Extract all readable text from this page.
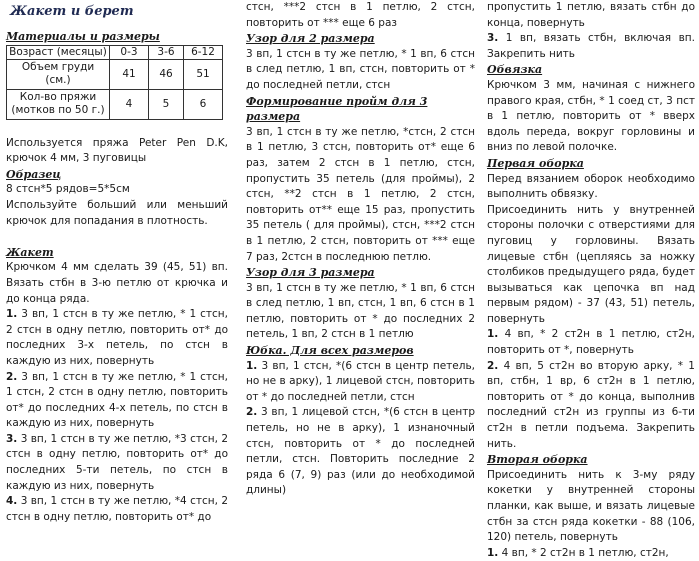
Жакет и берет

Материалы и размеры

Возраст (месяцы)	0-3	3-6	6-12
Объем груди (см.)	41	46	51
Кол-во пряжи (мотков по 50 г.)	4	5	6

Используется пряжа Peter Pen D.K, крючок 4 мм, 3 пуговицы

Образец

8 стсн*5 рядов=5*5см

Используйте больший или меньший крючок для попадания в плотность.

Жакет

Крючком 4 мм сделать 39 (45, 51) вп. Вязать стбн в 3-ю петлю от крючка и до конца ряда.

1. 3 вп, 1 стсн в ту же петлю, * 1 стсн, 2 стсн в одну петлю, повторить от* до последних 3-х петель, по стсн в каждую из них, повернуть

2. 3 вп, 1 стсн в ту же петлю, * 1 стсн, 1 стсн, 2 стсн в одну петлю, повторить от* до последних 4-х петель, по стсн в каждую из них, повернуть

3. 3 вп, 1 стсн в ту же петлю, *3 стсн, 2 стсн в одну петлю, повторить от* до последних 5-ти петель, по стсн в каждую из них, повернуть

4. 3 вп, 1 стсн в ту же петлю, *4 стсн, 2 стсн в одну петлю, повторить от* до

стсн, ***2 стсн в 1 петлю, 2 стсн, повторить от *** еще 6 раз

Узор для 2 размера

3 вп, 1 стсн в ту же петлю, * 1 вп, 6 стсн в след петлю, 1 вп, стсн, повторить от * до последней петли, стсн

Формирование пройм для 3 размера

3 вп, 1 стсн в ту же петлю, *стсн, 2 стсн в 1 петлю, 3 стсн, повторить от* еще 6 раз, затем 2 стсн в 1 петлю, стсн, пропустить 35 петель (для проймы), 2 стсн, **2 стсн в 1 петлю, 2 стсн, повторить от** еще 15 раз, пропустить 35 петель ( для проймы), стсн, ***2 стсн в 1 петлю, 2 стсн, повторить от *** еще 7 раз, 2стсн в последнюю петлю.

Узор для 3 размера

3 вп, 1 стсн в ту же петлю, * 1 вп, 6 стсн в след петлю, 1 вп, стсн, 1 вп, 6 стсн в 1 петлю, повторить от * до последних 2 петель, 1 вп, 2 стсн в 1 петлю

Юбка. Для всех размеров

1. 3 вп, 1 стсн, *(6 стсн в центр петель, но не в арку), 1 лицевой стсн, повторить от * до последней петли, стсн

2. 3 вп, 1 лицевой стсн, *(6 стсн в центр петель, но не в арку), 1 изнаночный стсн, повторить от * до последней петли, стсн. Повторить последние 2 ряда 6 (7, 9) раз (или до необходимой длины)

пропустить 1 петлю, вязать стбн до конца, повернуть

3. 1 вп, вязать стбн, включая вп. Закрепить нить

Обвязка

Крючком 3 мм, начиная с нижнего правого края, стбн, * 1 соед ст, 3 пст в 1 петлю, повторить от * вверх вдоль переда, вокруг горловины и вниз по левой полочке.

Первая оборка

Перед вязанием оборок необходимо выполнить обвязку.

Присоединить нить у внутренней стороны полочки с отверстиями для пуговиц у горловины. Вязать лицевые стбн (цепляясь за ножку столбиков предыдущего ряда, будет вызываться как цепочка вп над первым рядом) - 37 (43, 51) петель, повернуть

1. 4 вп, * 2 ст2н в 1 петлю, ст2н, повторить от *, повернуть

2. 4 вп, 5 ст2н во вторую арку, * 1 вп, стбн, 1 вр, 6 ст2н в 1 петлю, повторить от * до конца, выполнив последний ст2н из группы из 6-ти ст2н в петли подъема. Закрепить нить.

Вторая оборка

Присоединить нить к 3-му ряду кокетки у внутренней стороны планки, как выше, и вязать лицевые стбн за стсн ряда кокетки - 88 (106, 120) петель, повернуть

1. 4 вп, * 2 ст2н в 1 петлю, ст2н,
